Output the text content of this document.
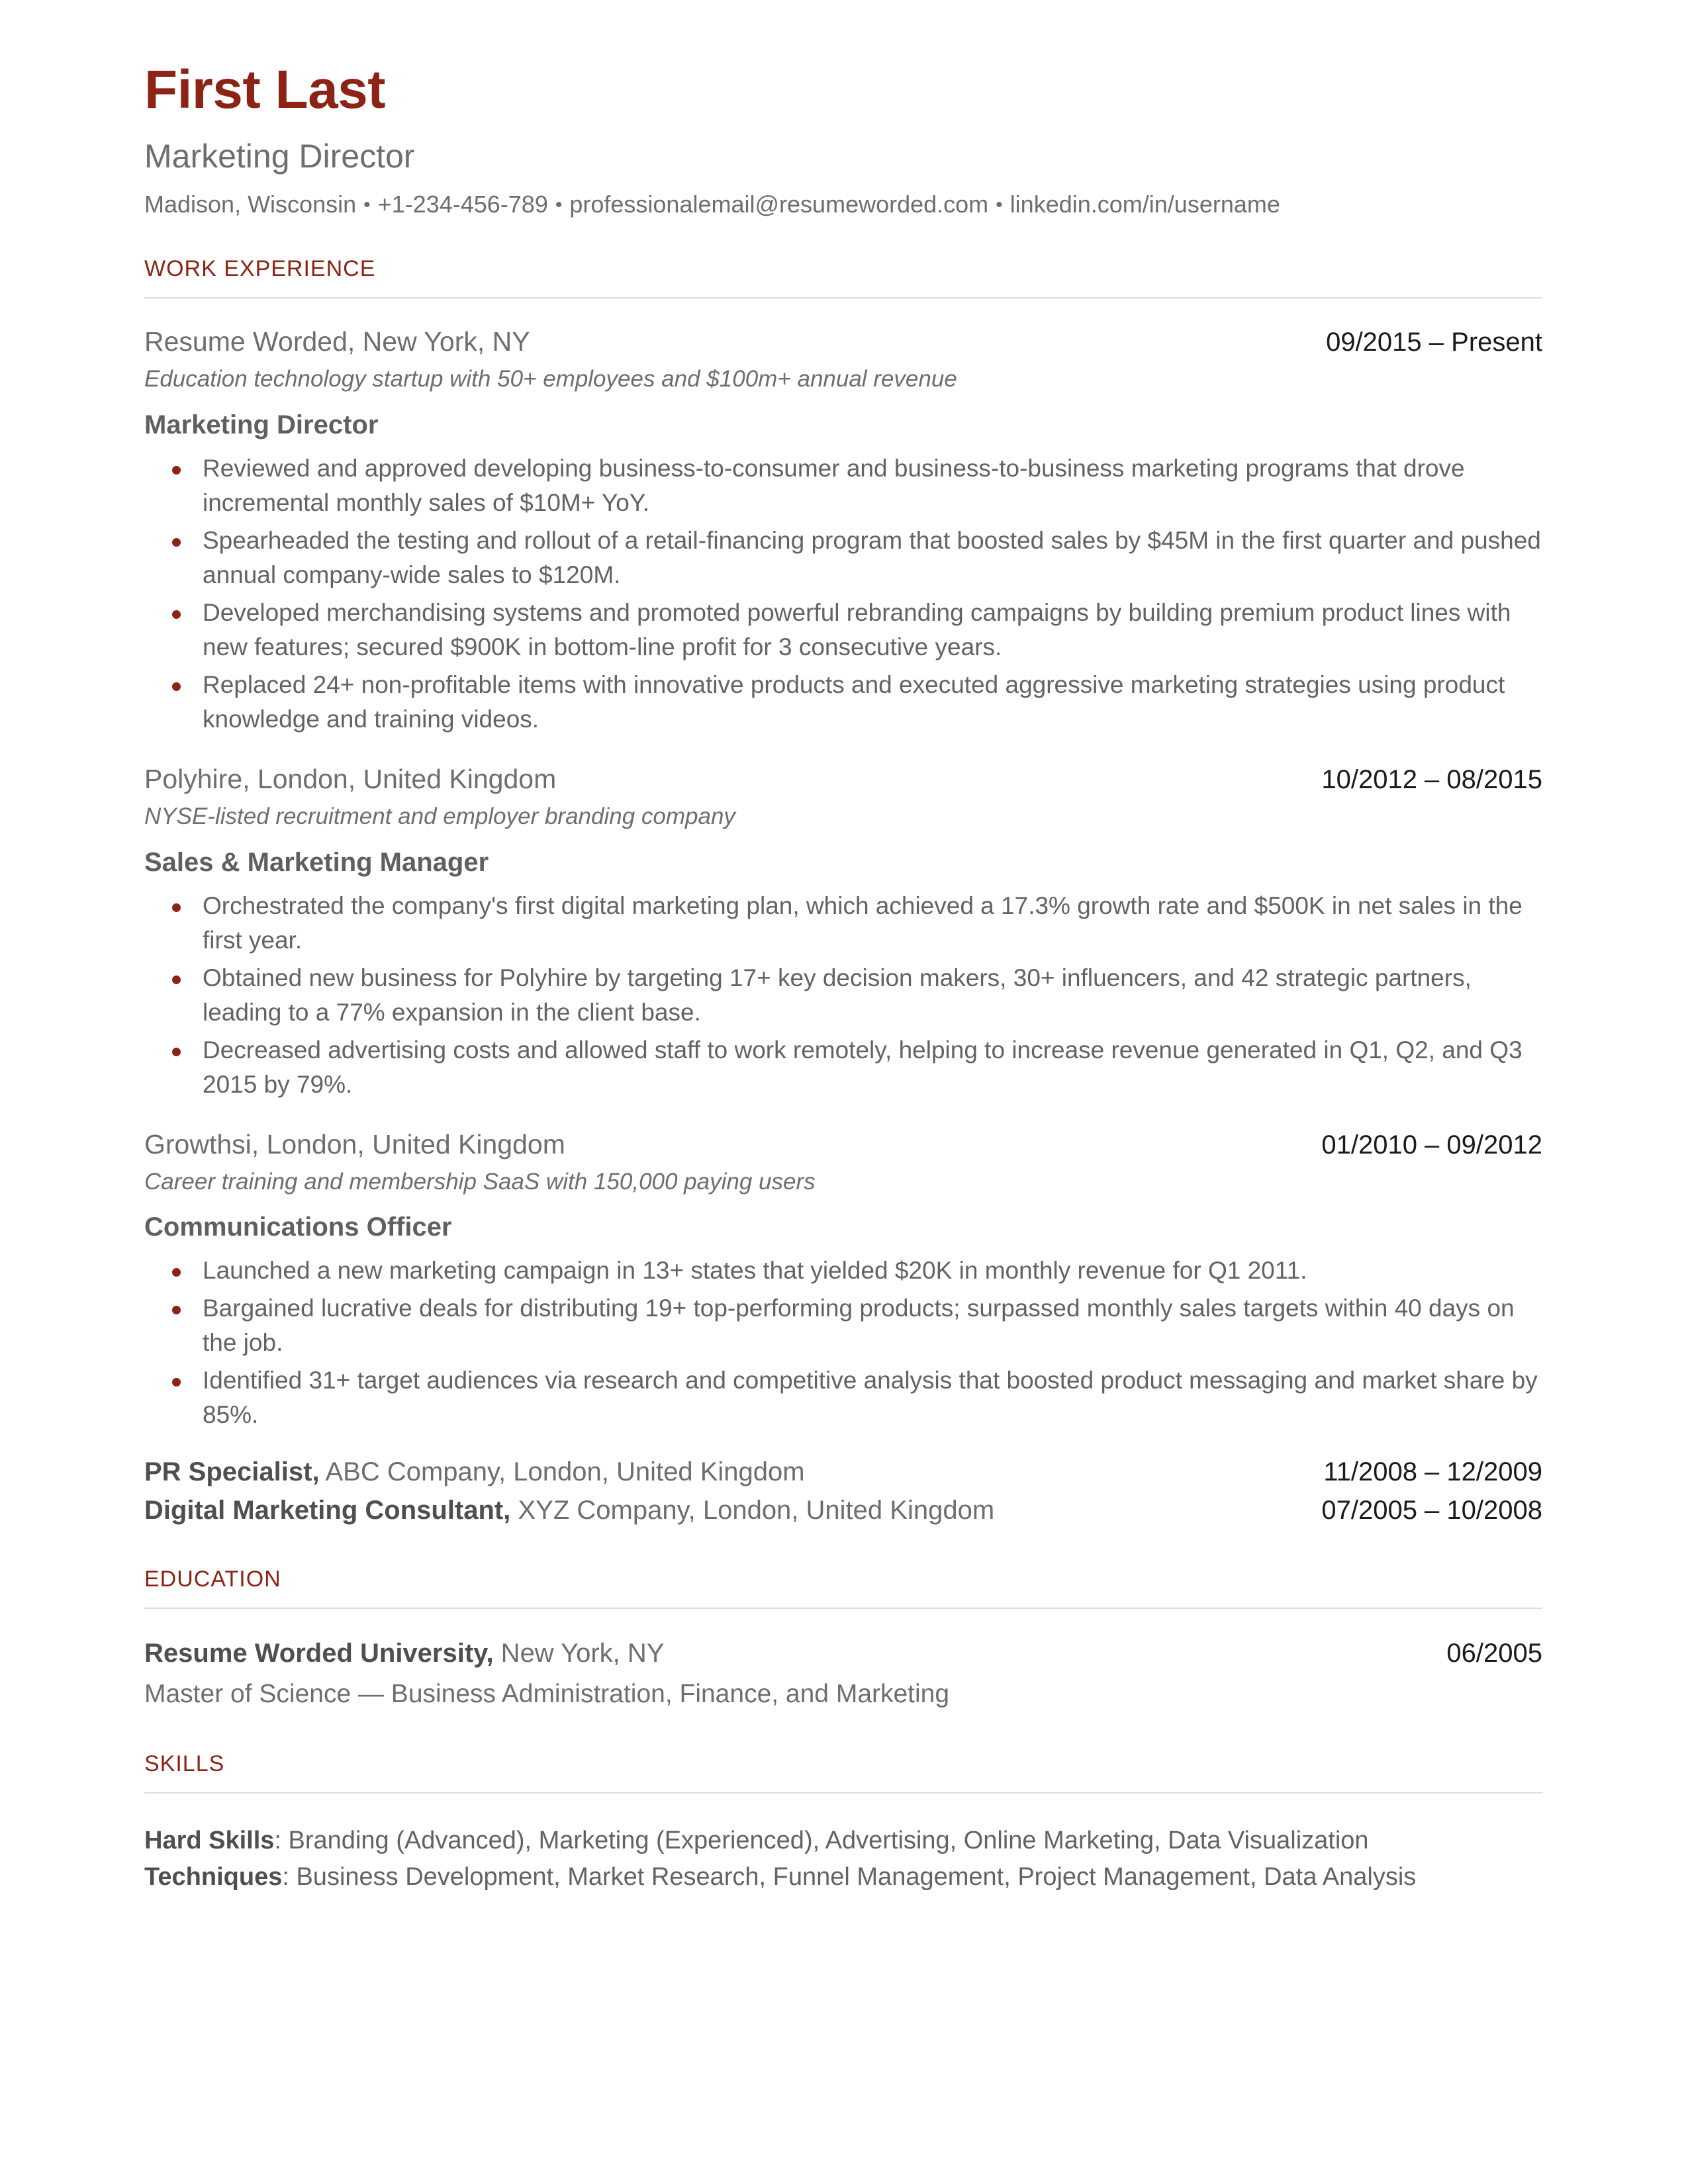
First Last
Marketing Director
Madison, Wisconsin • +1-234-456-789 • professionalemail@resumeworded.com • linkedin.com/in/username
WORK EXPERIENCE
Resume Worded, New York, NY	09/2015 – Present
Education technology startup with 50+ employees and $100m+ annual revenue
Marketing Director
Reviewed and approved developing business-to-consumer and business-to-business marketing programs that drove incremental monthly sales of $10M+ YoY.
Spearheaded the testing and rollout of a retail-financing program that boosted sales by $45M in the first quarter and pushed annual company-wide sales to $120M.
Developed merchandising systems and promoted powerful rebranding campaigns by building premium product lines with new features; secured $900K in bottom-line profit for 3 consecutive years.
Replaced 24+ non-profitable items with innovative products and executed aggressive marketing strategies using product knowledge and training videos.
Polyhire, London, United Kingdom	10/2012 – 08/2015
NYSE-listed recruitment and employer branding company
Sales & Marketing Manager
Orchestrated the company's first digital marketing plan, which achieved a 17.3% growth rate and $500K in net sales in the first year.
Obtained new business for Polyhire by targeting 17+ key decision makers, 30+ influencers, and 42 strategic partners, leading to a 77% expansion in the client base.
Decreased advertising costs and allowed staff to work remotely, helping to increase revenue generated in Q1, Q2, and Q3 2015 by 79%.
Growthsi, London, United Kingdom	01/2010 – 09/2012
Career training and membership SaaS with 150,000 paying users
Communications Officer
Launched a new marketing campaign in 13+ states that yielded $20K in monthly revenue for Q1 2011.
Bargained lucrative deals for distributing 19+ top-performing products; surpassed monthly sales targets within 40 days on the job.
Identified 31+ target audiences via research and competitive analysis that boosted product messaging and market share by 85%.
PR Specialist, ABC Company, London, United Kingdom	11/2008 – 12/2009
Digital Marketing Consultant, XYZ Company, London, United Kingdom	07/2005 – 10/2008
EDUCATION
Resume Worded University, New York, NY	06/2005
Master of Science — Business Administration, Finance, and Marketing
SKILLS
Hard Skills: Branding (Advanced), Marketing (Experienced), Advertising, Online Marketing, Data Visualization
Techniques: Business Development, Market Research, Funnel Management, Project Management, Data Analysis
